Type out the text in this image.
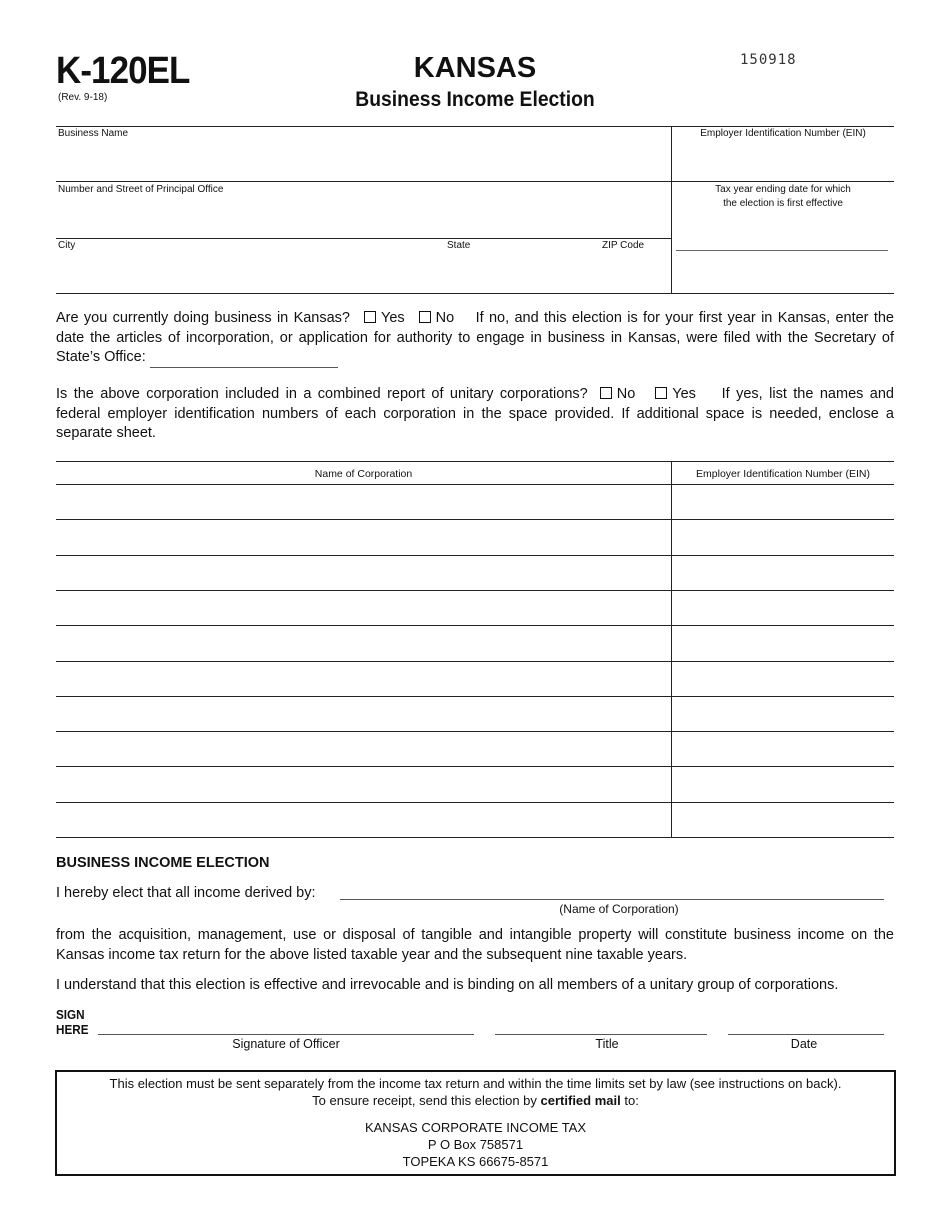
K-120EL
(Rev. 9-18)
KANSAS
Business Income Election
150918
Business Name	Employer Identification Number (EIN)
Number and Street of Principal Office	Tax year ending date for which
the election is first effective
City	State	ZIP Code
Are you currently doing business in Kansas? Yes No If no, and this election is for your first year in Kansas, enter the date the articles of incorporation, or application for authority to engage in business in Kansas, were filed with the Secretary of State’s Office:
Is the above corporation included in a combined report of unitary corporations? No	Yes If yes, list the names and federal employer identification numbers of each corporation in the space provided. If additional space is needed, enclose a separate sheet.
Name of Corporation	Employer Identification Number (EIN)
BUSINESS INCOME ELECTION
I hereby elect that all income derived by:
(Name of Corporation)
from the acquisition, management, use or disposal of tangible and intangible property will constitute business income on the Kansas income tax return for the above listed taxable year and the subsequent nine taxable years.
I understand that this election is effective and irrevocable and is binding on all members of a unitary group of corporations.
SIGN
HERE
Signature of Officer	Title	Date
This election must be sent separately from the income tax return and within the time limits set by law (see instructions on back).
To ensure receipt, send this election by certified mail to:
KANSAS CORPORATE INCOME TAX
P O Box 758571
TOPEKA KS 66675-8571
